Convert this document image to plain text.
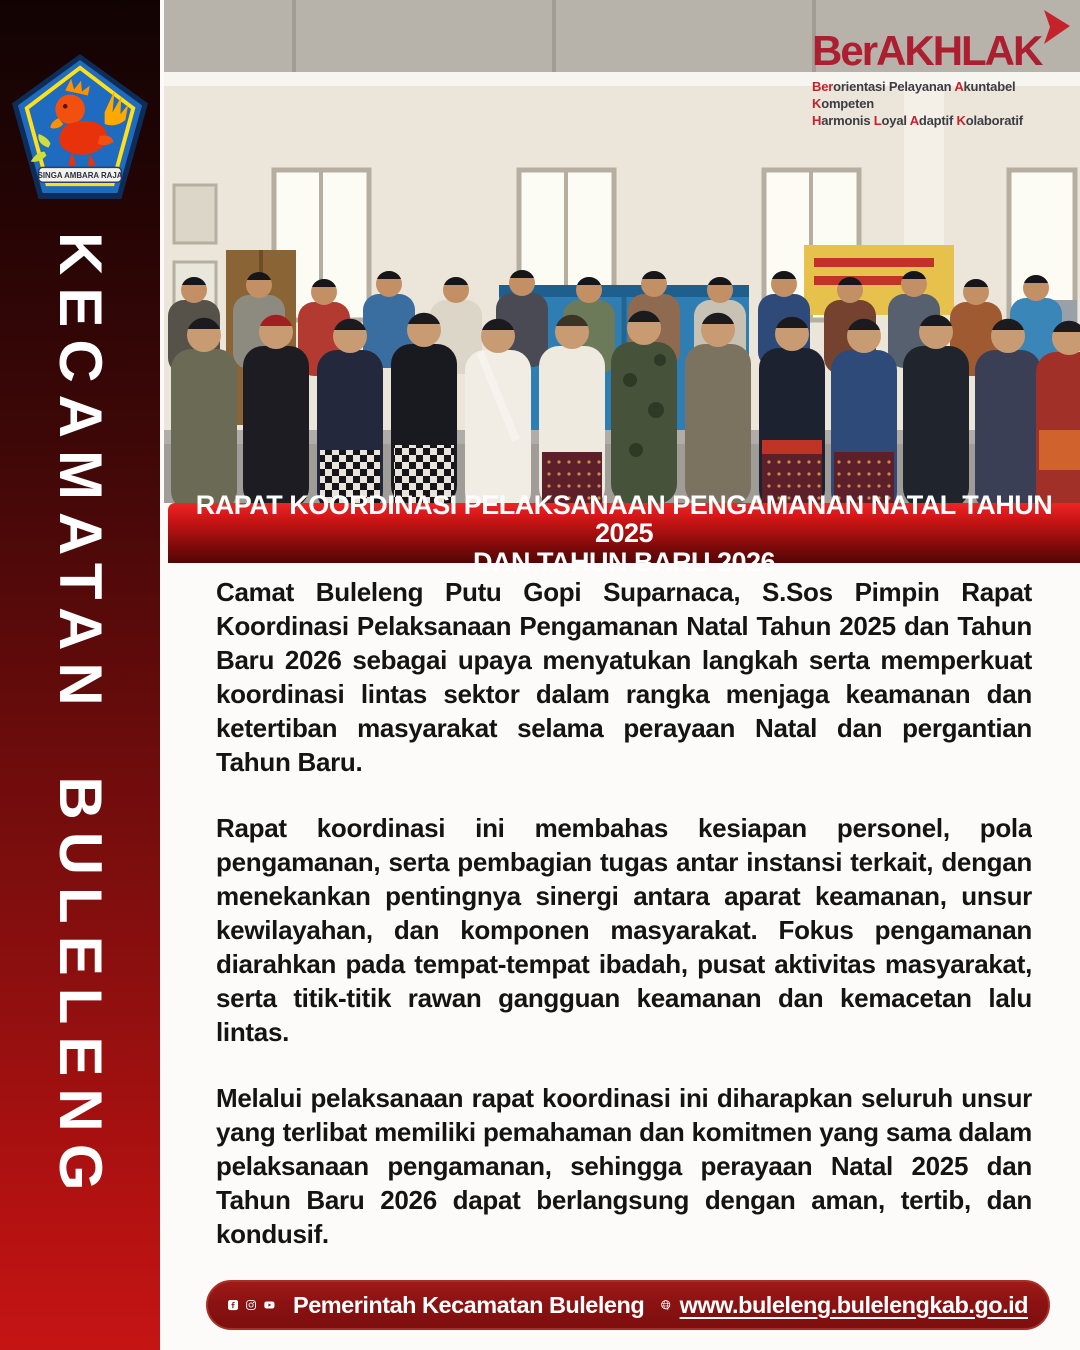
SINGA AMBARA RAJA
KECAMATAN BULELENG
BerAKHLAK
Berorientasi Pelayanan Akuntabel Kompeten
Harmonis Loyal Adaptif Kolaboratif
RAPAT KOORDINASI PELAKSANAAN PENGAMANAN NATAL TAHUN 2025
DAN TAHUN BARU 2026

Camat Buleleng Putu Gopi Suparnaca, S.Sos Pimpin Rapat Koordinasi Pelaksanaan Pengamanan Natal Tahun 2025 dan Tahun Baru 2026 sebagai upaya menyatukan langkah serta memperkuat koordinasi lintas sektor dalam rangka menjaga keamanan dan ketertiban masyarakat selama perayaan Natal dan pergantian Tahun Baru.

Rapat koordinasi ini membahas kesiapan personel, pola pengamanan, serta pembagian tugas antar instansi terkait, dengan menekankan pentingnya sinergi antara aparat keamanan, unsur kewilayahan, dan komponen masyarakat. Fokus pengamanan diarahkan pada tempat-tempat ibadah, pusat aktivitas masyarakat, serta titik-titik rawan gangguan keamanan dan kemacetan lalu lintas.

Melalui pelaksanaan rapat koordinasi ini diharapkan seluruh unsur yang terlibat memiliki pemahaman dan komitmen yang sama dalam pelaksanaan pengamanan, sehingga perayaan Natal 2025 dan Tahun Baru 2026 dapat berlangsung dengan aman, tertib, dan kondusif.

Pemerintah Kecamatan Buleleng www.buleleng.bulelengkab.go.id
